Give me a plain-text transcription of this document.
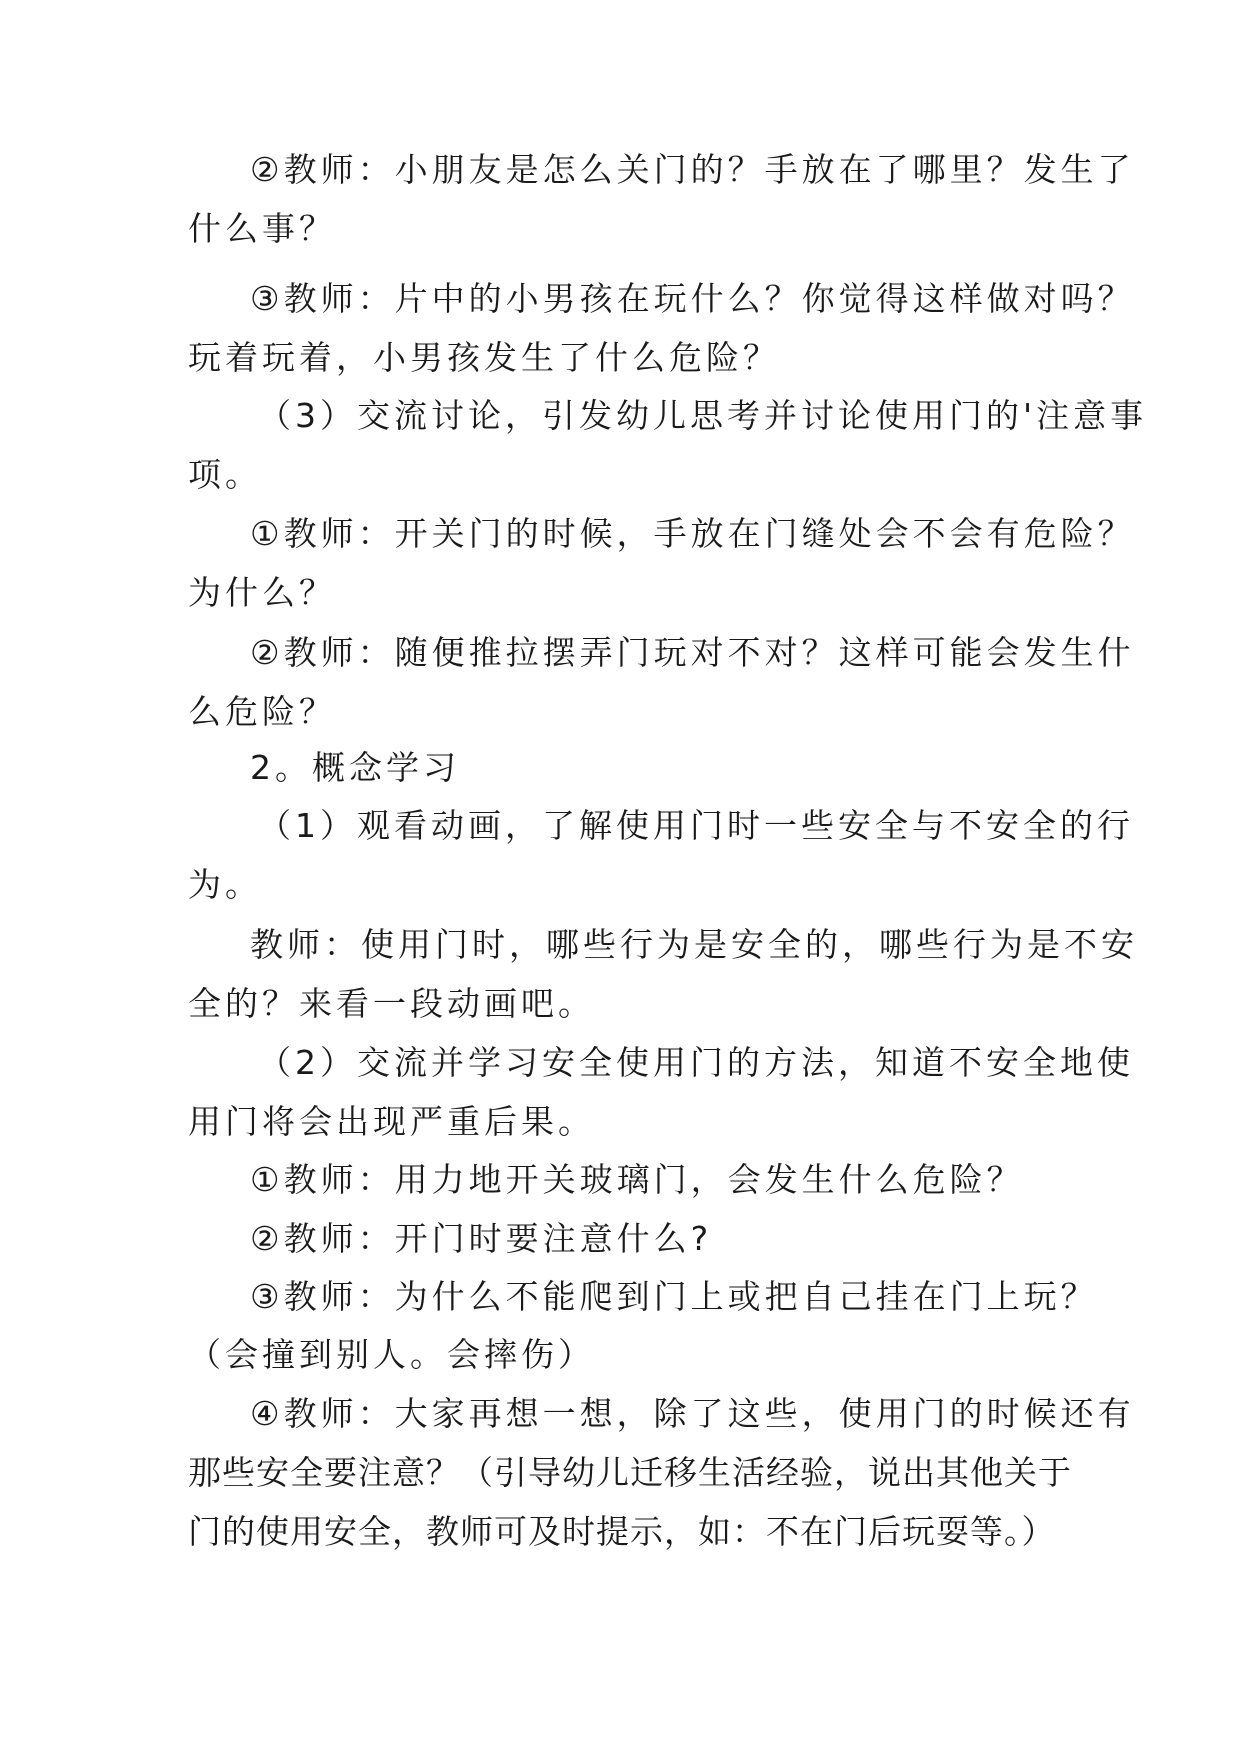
②教师：小朋友是怎么关门的？手放在了哪里？发生了
什么事？
③教师：片中的小男孩在玩什么？你觉得这样做对吗？
玩着玩着，小男孩发生了什么危险？
（3）交流讨论，引发幼儿思考并讨论使用门的'注意事
项。
①教师：开关门的时候，手放在门缝处会不会有危险？
为什么？
②教师：随便推拉摆弄门玩对不对？这样可能会发生什
么危险？
2。概念学习
（1）观看动画，了解使用门时一些安全与不安全的行
为。
教师：使用门时，哪些行为是安全的，哪些行为是不安
全的？来看一段动画吧。
（2）交流并学习安全使用门的方法，知道不安全地使
用门将会出现严重后果。
①教师：用力地开关玻璃门，会发生什么危险？
②教师：开门时要注意什么?
③教师：为什么不能爬到门上或把自己挂在门上玩？
（会撞到别人。会摔伤）
④教师：大家再想一想，除了这些，使用门的时候还有
那些安全要注意？（引导幼儿迁移生活经验，说出其他关于
门的使用安全，教师可及时提示，如：不在门后玩耍等。）
